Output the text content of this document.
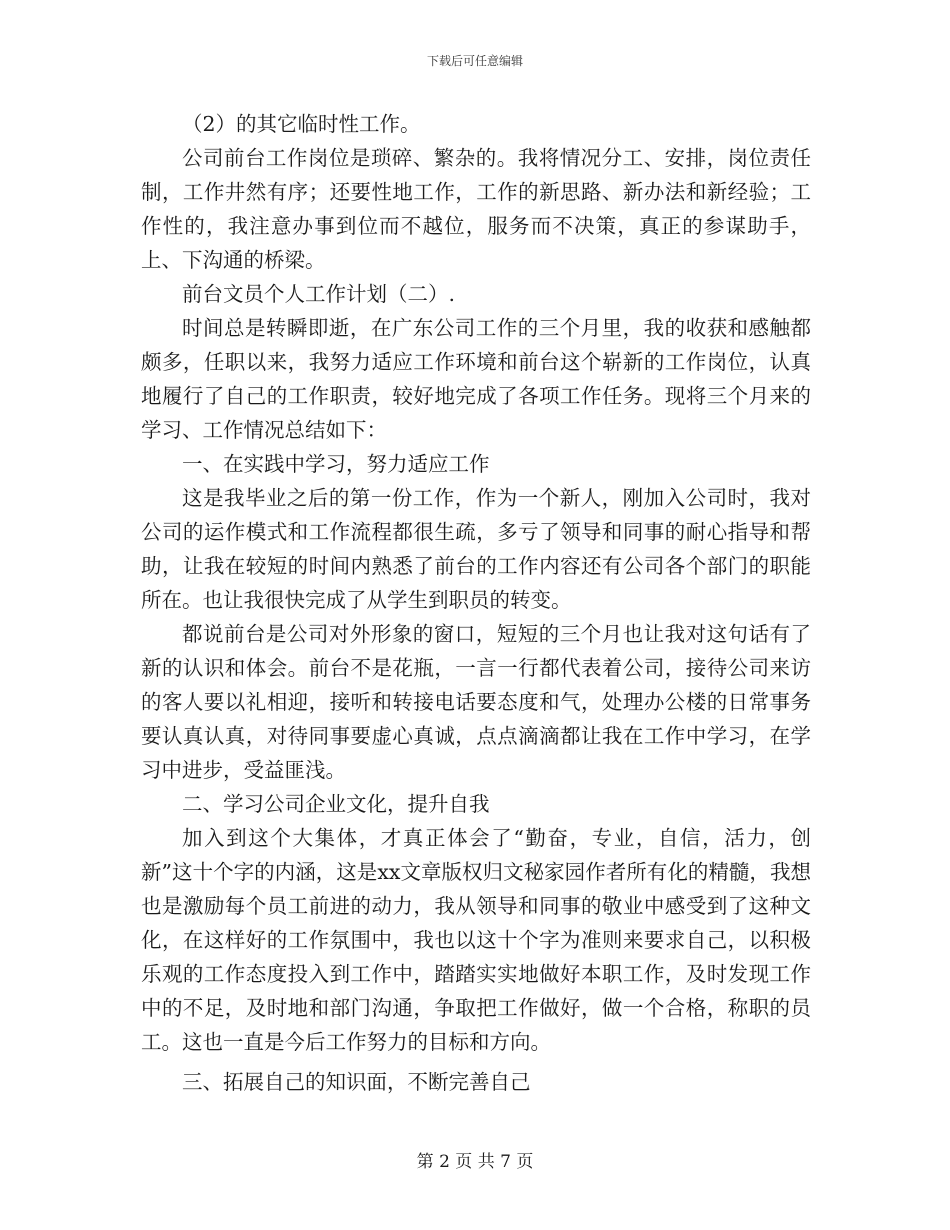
下载后可任意编辑

（2）的其它临时性工作。

公司前台工作岗位是琐碎、繁杂的。我将情况分工、安排，岗位责任制，工作井然有序；还要性地工作，工作的新思路、新办法和新经验；工作性的，我注意办事到位而不越位，服务而不决策，真正的参谋助手，上、下沟通的桥梁。

前台文员个人工作计划（二）.

时间总是转瞬即逝，在广东公司工作的三个月里，我的收获和感触都颇多，任职以来，我努力适应工作环境和前台这个崭新的工作岗位，认真地履行了自己的工作职责，较好地完成了各项工作任务。现将三个月来的学习、工作情况总结如下：

一、在实践中学习，努力适应工作

这是我毕业之后的第一份工作，作为一个新人，刚加入公司时，我对公司的运作模式和工作流程都很生疏，多亏了领导和同事的耐心指导和帮助，让我在较短的时间内熟悉了前台的工作内容还有公司各个部门的职能所在。也让我很快完成了从学生到职员的转变。

都说前台是公司对外形象的窗口，短短的三个月也让我对这句话有了新的认识和体会。前台不是花瓶，一言一行都代表着公司，接待公司来访的客人要以礼相迎，接听和转接电话要态度和气，处理办公楼的日常事务要认真认真，对待同事要虚心真诚，点点滴滴都让我在工作中学习，在学习中进步，受益匪浅。

二、学习公司企业文化，提升自我

加入到这个大集体，才真正体会了“勤奋，专业，自信，活力，创新”这十个字的内涵，这是xx文章版权归文秘家园作者所有化的精髓，我想也是激励每个员工前进的动力，我从领导和同事的敬业中感受到了这种文化，在这样好的工作氛围中，我也以这十个字为准则来要求自己，以积极乐观的工作态度投入到工作中，踏踏实实地做好本职工作，及时发现工作中的不足，及时地和部门沟通，争取把工作做好，做一个合格，称职的员工。这也一直是今后工作努力的目标和方向。

三、拓展自己的知识面，不断完善自己

第 2 页 共 7 页
